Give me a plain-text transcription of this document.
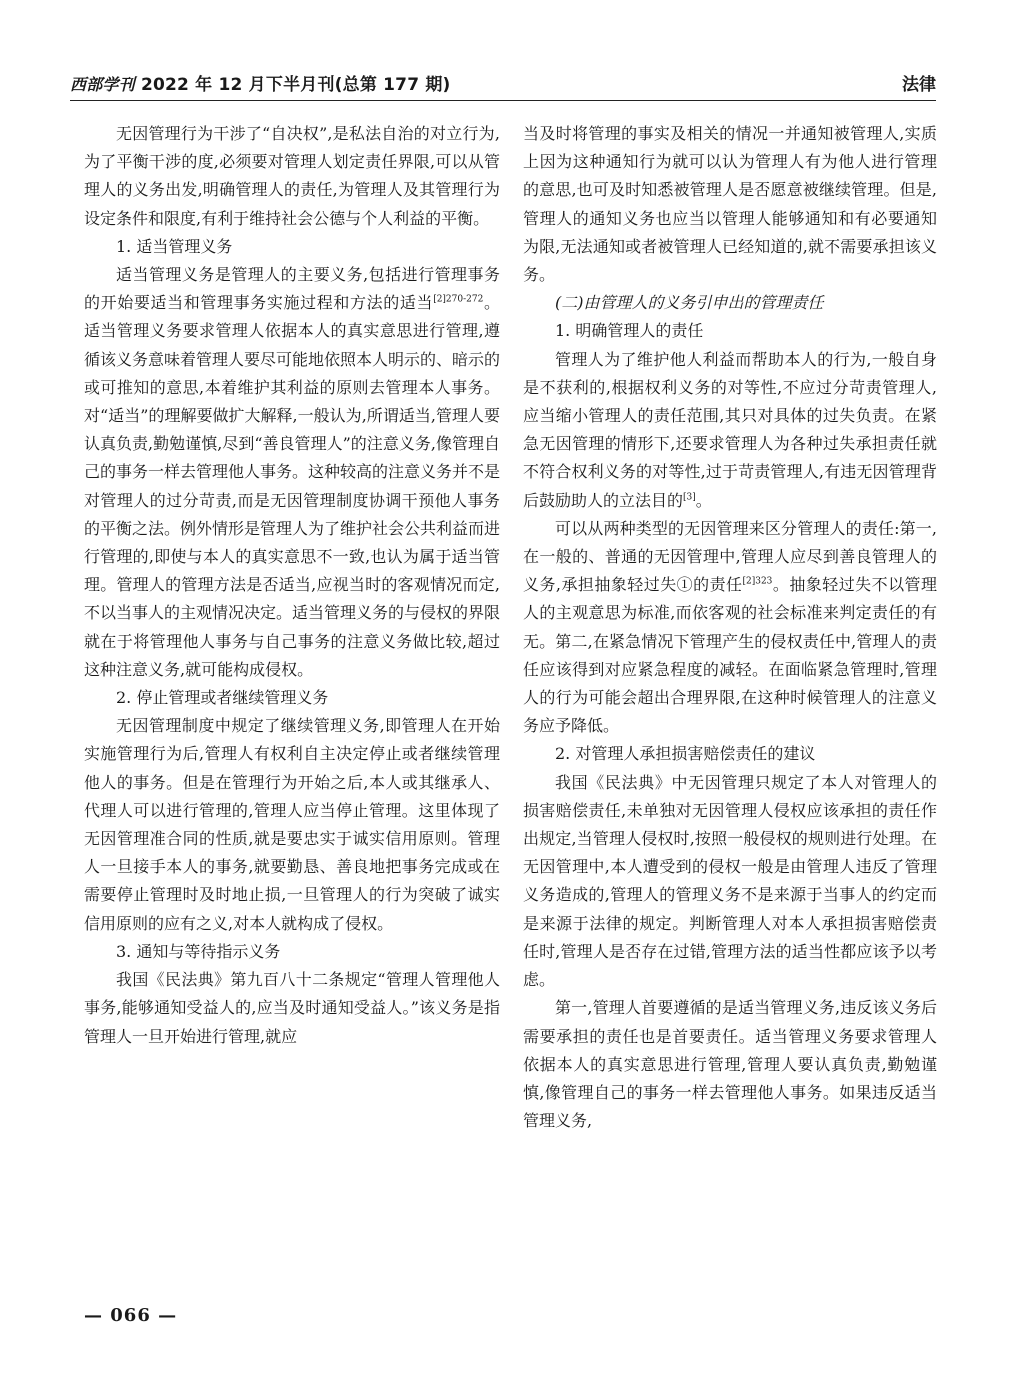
西部学刊 2022 年 12 月下半月刊(总第 177 期)	法律

无因管理行为干涉了“自决权”,是私法自治的对立行为,为了平衡干涉的度,必须要对管理人划定责任界限,可以从管理人的义务出发,明确管理人的责任,为管理人及其管理行为设定条件和限度,有利于维持社会公德与个人利益的平衡。

1. 适当管理义务

适当管理义务是管理人的主要义务,包括进行管理事务的开始要适当和管理事务实施过程和方法的适当$^{[2]270-272}$。适当管理义务要求管理人依据本人的真实意思进行管理,遵循该义务意味着管理人要尽可能地依照本人明示的、暗示的或可推知的意思,本着维护其利益的原则去管理本人事务。对“适当”的理解要做扩大解释,一般认为,所谓适当,管理人要认真负责,勤勉谨慎,尽到“善良管理人”的注意义务,像管理自己的事务一样去管理他人事务。这种较高的注意义务并不是对管理人的过分苛责,而是无因管理制度协调干预他人事务的平衡之法。例外情形是管理人为了维护社会公共利益而进行管理的,即使与本人的真实意思不一致,也认为属于适当管理。管理人的管理方法是否适当,应视当时的客观情况而定,不以当事人的主观情况决定。适当管理义务的与侵权的界限就在于将管理他人事务与自己事务的注意义务做比较,超过这种注意义务,就可能构成侵权。

2. 停止管理或者继续管理义务

无因管理制度中规定了继续管理义务,即管理人在开始实施管理行为后,管理人有权利自主决定停止或者继续管理他人的事务。但是在管理行为开始之后,本人或其继承人、代理人可以进行管理的,管理人应当停止管理。这里体现了无因管理准合同的性质,就是要忠实于诚实信用原则。管理人一旦接手本人的事务,就要勤恳、善良地把事务完成或在需要停止管理时及时地止损,一旦管理人的行为突破了诚实信用原则的应有之义,对本人就构成了侵权。

3. 通知与等待指示义务

我国《民法典》第九百八十二条规定“管理人管理他人事务,能够通知受益人的,应当及时通知受益人。”该义务是指管理人一旦开始进行管理,就应

当及时将管理的事实及相关的情况一并通知被管理人,实质上因为这种通知行为就可以认为管理人有为他人进行管理的意思,也可及时知悉被管理人是否愿意被继续管理。但是,管理人的通知义务也应当以管理人能够通知和有必要通知为限,无法通知或者被管理人已经知道的,就不需要承担该义务。

(二)由管理人的义务引申出的管理责任

1. 明确管理人的责任

管理人为了维护他人利益而帮助本人的行为,一般自身是不获利的,根据权利义务的对等性,不应过分苛责管理人,应当缩小管理人的责任范围,其只对具体的过失负责。在紧急无因管理的情形下,还要求管理人为各种过失承担责任就不符合权利义务的对等性,过于苛责管理人,有违无因管理背后鼓励助人的立法目的[3]。

可以从两种类型的无因管理来区分管理人的责任:第一,在一般的、普通的无因管理中,管理人应尽到善良管理人的义务,承担抽象轻过失①的责任$^{[2]323}$。抽象轻过失不以管理人的主观意思为标准,而依客观的社会标准来判定责任的有无。第二,在紧急情况下管理产生的侵权责任中,管理人的责任应该得到对应紧急程度的减轻。在面临紧急管理时,管理人的行为可能会超出合理界限,在这种时候管理人的注意义务应予降低。

2. 对管理人承担损害赔偿责任的建议

我国《民法典》中无因管理只规定了本人对管理人的损害赔偿责任,未单独对无因管理人侵权应该承担的责任作出规定,当管理人侵权时,按照一般侵权的规则进行处理。在无因管理中,本人遭受到的侵权一般是由管理人违反了管理义务造成的,管理人的管理义务不是来源于当事人的约定而是来源于法律的规定。判断管理人对本人承担损害赔偿责任时,管理人是否存在过错,管理方法的适当性都应该予以考虑。

第一,管理人首要遵循的是适当管理义务,违反该义务后需要承担的责任也是首要责任。适当管理义务要求管理人依据本人的真实意思进行管理,管理人要认真负责,勤勉谨慎,像管理自己的事务一样去管理他人事务。如果违反适当管理义务,

— 066 —
